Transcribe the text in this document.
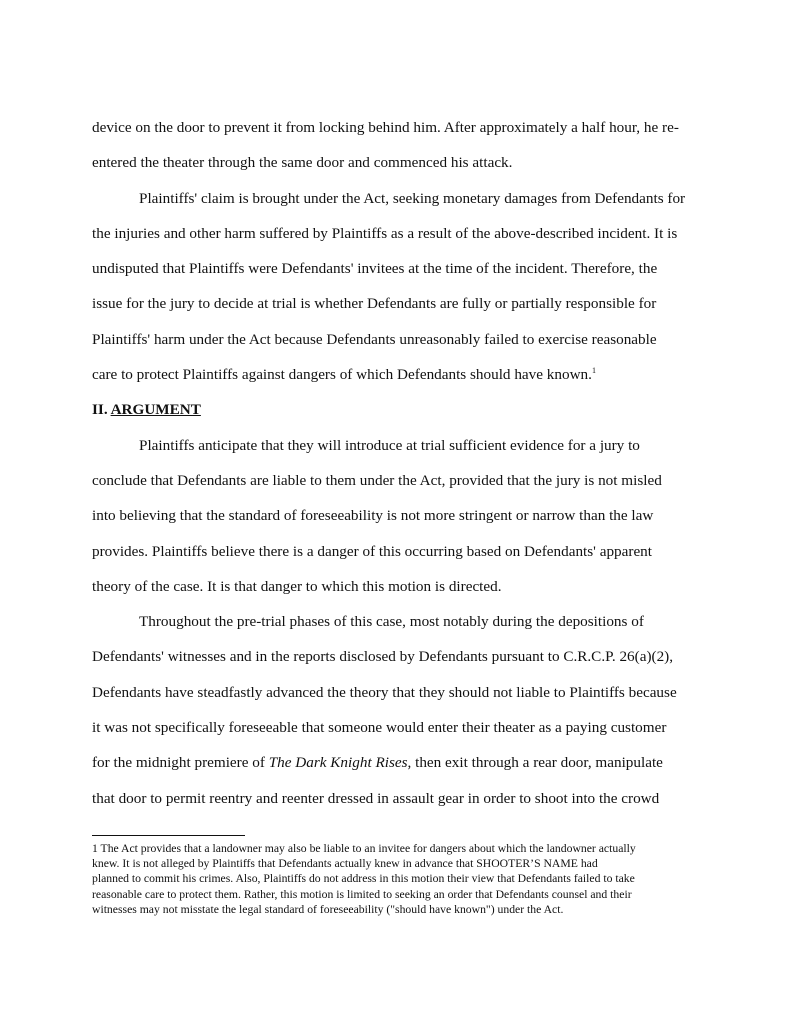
device on the door to prevent it from locking behind him. After approximately a half hour, he re-
entered the theater through the same door and commenced his attack.
Plaintiffs' claim is brought under the Act, seeking monetary damages from Defendants for
the injuries and other harm suffered by Plaintiffs as a result of the above-described incident. It is
undisputed that Plaintiffs were Defendants' invitees at the time of the incident. Therefore, the
issue for the jury to decide at trial is whether Defendants are fully or partially responsible for
Plaintiffs' harm under the Act because Defendants unreasonably failed to exercise reasonable
care to protect Plaintiffs against dangers of which Defendants should have known.$^1$
II. ARGUMENT
Plaintiffs anticipate that they will introduce at trial sufficient evidence for a jury to
conclude that Defendants are liable to them under the Act, provided that the jury is not misled
into believing that the standard of foreseeability is not more stringent or narrow than the law
provides. Plaintiffs believe there is a danger of this occurring based on Defendants' apparent
theory of the case. It is that danger to which this motion is directed.
Throughout the pre-trial phases of this case, most notably during the depositions of
Defendants' witnesses and in the reports disclosed by Defendants pursuant to C.R.C.P. 26(a)(2),
Defendants have steadfastly advanced the theory that they should not liable to Plaintiffs because
it was not specifically foreseeable that someone would enter their theater as a paying customer
for the midnight premiere of The Dark Knight Rises, then exit through a rear door, manipulate
that door to permit reentry and reenter dressed in assault gear in order to shoot into the crowd
1 The Act provides that a landowner may also be liable to an invitee for dangers about which the landowner actually
knew. It is not alleged by Plaintiffs that Defendants actually knew in advance that SHOOTER’S NAME had
planned to commit his crimes. Also, Plaintiffs do not address in this motion their view that Defendants failed to take
reasonable care to protect them. Rather, this motion is limited to seeking an order that Defendants counsel and their
witnesses may not misstate the legal standard of foreseeability ("should have known") under the Act.
